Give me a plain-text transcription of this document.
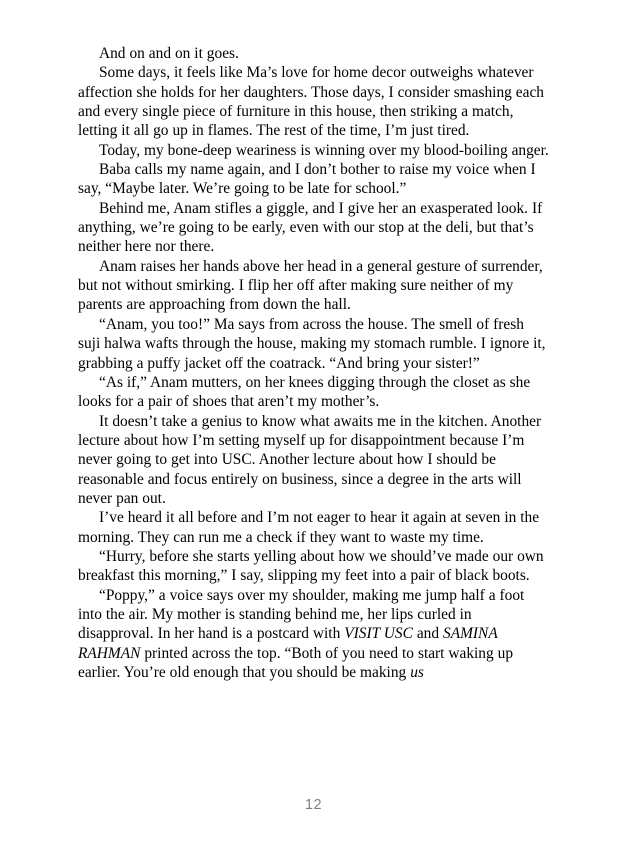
And on and on it goes.

Some days, it feels like Ma’s love for home decor outweighs whatever affection she holds for her daughters. Those days, I consider smashing each and every single piece of furniture in this house, then striking a match, letting it all go up in flames. The rest of the time, I’m just tired.

Today, my bone-deep weariness is winning over my blood-boiling anger.

Baba calls my name again, and I don’t bother to raise my voice when I say, “Maybe later. We’re going to be late for school.”

Behind me, Anam stifles a giggle, and I give her an exasperated look. If anything, we’re going to be early, even with our stop at the deli, but that’s neither here nor there.

Anam raises her hands above her head in a general gesture of surrender, but not without smirking. I flip her off after making sure neither of my parents are approaching from down the hall.

“Anam, you too!” Ma says from across the house. The smell of fresh suji halwa wafts through the house, making my stomach rumble. I ignore it, grabbing a puffy jacket off the coatrack. “And bring your sister!”

“As if,” Anam mutters, on her knees digging through the closet as she looks for a pair of shoes that aren’t my mother’s.

It doesn’t take a genius to know what awaits me in the kitchen. Another lecture about how I’m setting myself up for disappointment because I’m never going to get into USC. Another lecture about how I should be reasonable and focus entirely on business, since a degree in the arts will never pan out.

I’ve heard it all before and I’m not eager to hear it again at seven in the morning. They can run me a check if they want to waste my time.

“Hurry, before she starts yelling about how we should’ve made our own breakfast this morning,” I say, slipping my feet into a pair of black boots.

“Poppy,” a voice says over my shoulder, making me jump half a foot into the air. My mother is standing behind me, her lips curled in disapproval. In her hand is a postcard with VISIT USC and SAMINA RAHMAN printed across the top. “Both of you need to start waking up earlier. You’re old enough that you should be making us

12
